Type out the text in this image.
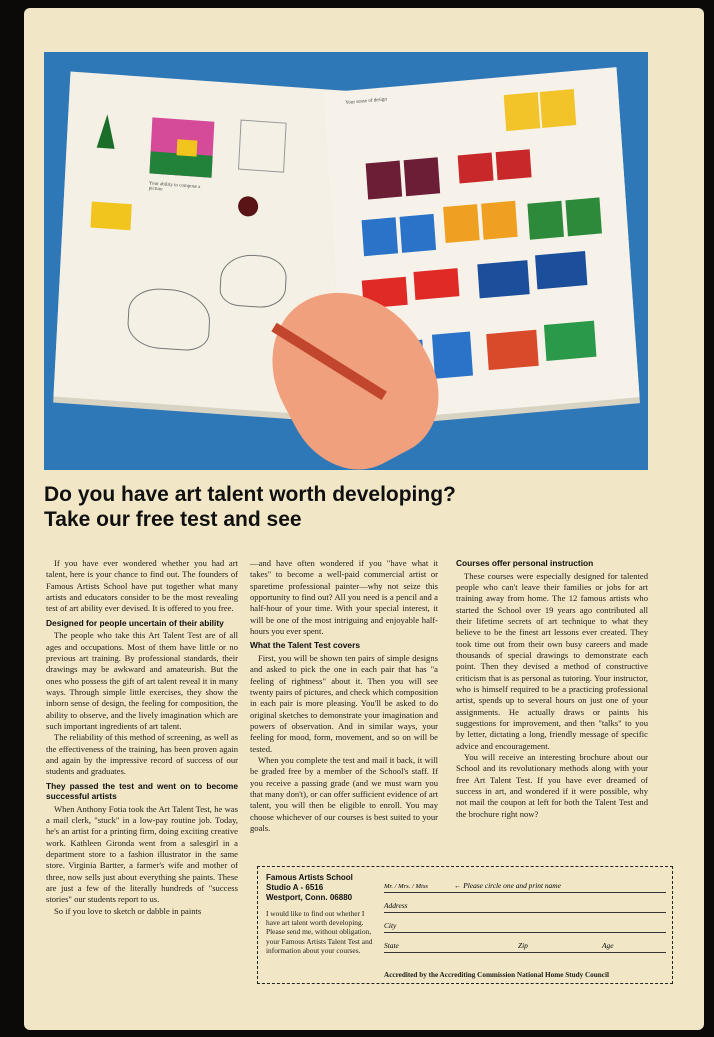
Your ability to compose a picture
Your sense of design
Do you have art talent worth developing?
Take our free test and see

If you have ever wondered whether you had art talent, here is your chance to find out. The founders of Famous Artists School have put together what many artists and educators consider to be the most revealing test of art ability ever devised. It is offered to you free.

Designed for people uncertain of their ability

The people who take this Art Talent Test are of all ages and occupations. Most of them have little or no previous art training. By professional standards, their drawings may be awkward and amateurish. But the ones who possess the gift of art talent reveal it in many ways. Through simple little exercises, they show the inborn sense of design, the feeling for composition, the ability to observe, and the lively imagination which are such important ingredients of art talent.

The reliability of this method of screening, as well as the effectiveness of the training, has been proven again and again by the impressive record of success of our students and graduates.

They passed the test and went on to become successful artists

When Anthony Fotia took the Art Talent Test, he was a mail clerk, "stuck" in a low-pay routine job. Today, he's an artist for a printing firm, doing exciting creative work. Kathleen Gironda went from a salesgirl in a department store to a fashion illustrator in the same store. Virginia Bartter, a farmer's wife and mother of three, now sells just about everything she paints. These are just a few of the literally hundreds of "success stories" our students report to us.

So if you love to sketch or dabble in paints

—and have often wondered if you "have what it takes" to become a well-paid commercial artist or sparetime professional painter—why not seize this opportunity to find out? All you need is a pencil and a half-hour of your time. With your special interest, it will be one of the most intriguing and enjoyable half-hours you ever spent.

What the Talent Test covers

First, you will be shown ten pairs of simple designs and asked to pick the one in each pair that has "a feeling of rightness" about it. Then you will see twenty pairs of pictures, and check which composition in each pair is more pleasing. You'll be asked to do original sketches to demonstrate your imagination and powers of observation. And in similar ways, your feeling for mood, form, movement, and so on will be tested.

When you complete the test and mail it back, it will be graded free by a member of the School's staff. If you receive a passing grade (and we must warn you that many don't), or can offer sufficient evidence of art talent, you will then be eligible to enroll. You may choose whichever of our courses is best suited to your goals.

Courses offer personal instruction

These courses were especially designed for talented people who can't leave their families or jobs for art training away from home. The 12 famous artists who started the School over 19 years ago contributed all their lifetime secrets of art technique to what they believe to be the finest art lessons ever created. They took time out from their own busy careers and made thousands of special drawings to demonstrate each point. Then they devised a method of constructive criticism that is as personal as tutoring. Your instructor, who is himself required to be a practicing professional artist, spends up to several hours on just one of your assignments. He actually draws or paints his suggestions for improvement, and then "talks" to you by letter, dictating a long, friendly message of specific advice and encouragement.

You will receive an interesting brochure about our School and its revolutionary methods along with your free Art Talent Test. If you have ever dreamed of success in art, and wondered if it were possible, why not mail the coupon at left for both the Talent Test and the brochure right now?

Famous Artists School
Studio A - 6516
Westport, Conn. 06880
I would like to find out whether I have art talent worth developing. Please send me, without obligation, your Famous Artists Talent Test and information about your courses.
Mr. / Mrs. / Miss	← Please circle one and print name
Address
City
State	Zip	Age
Accredited by the Accrediting Commission National Home Study Council
